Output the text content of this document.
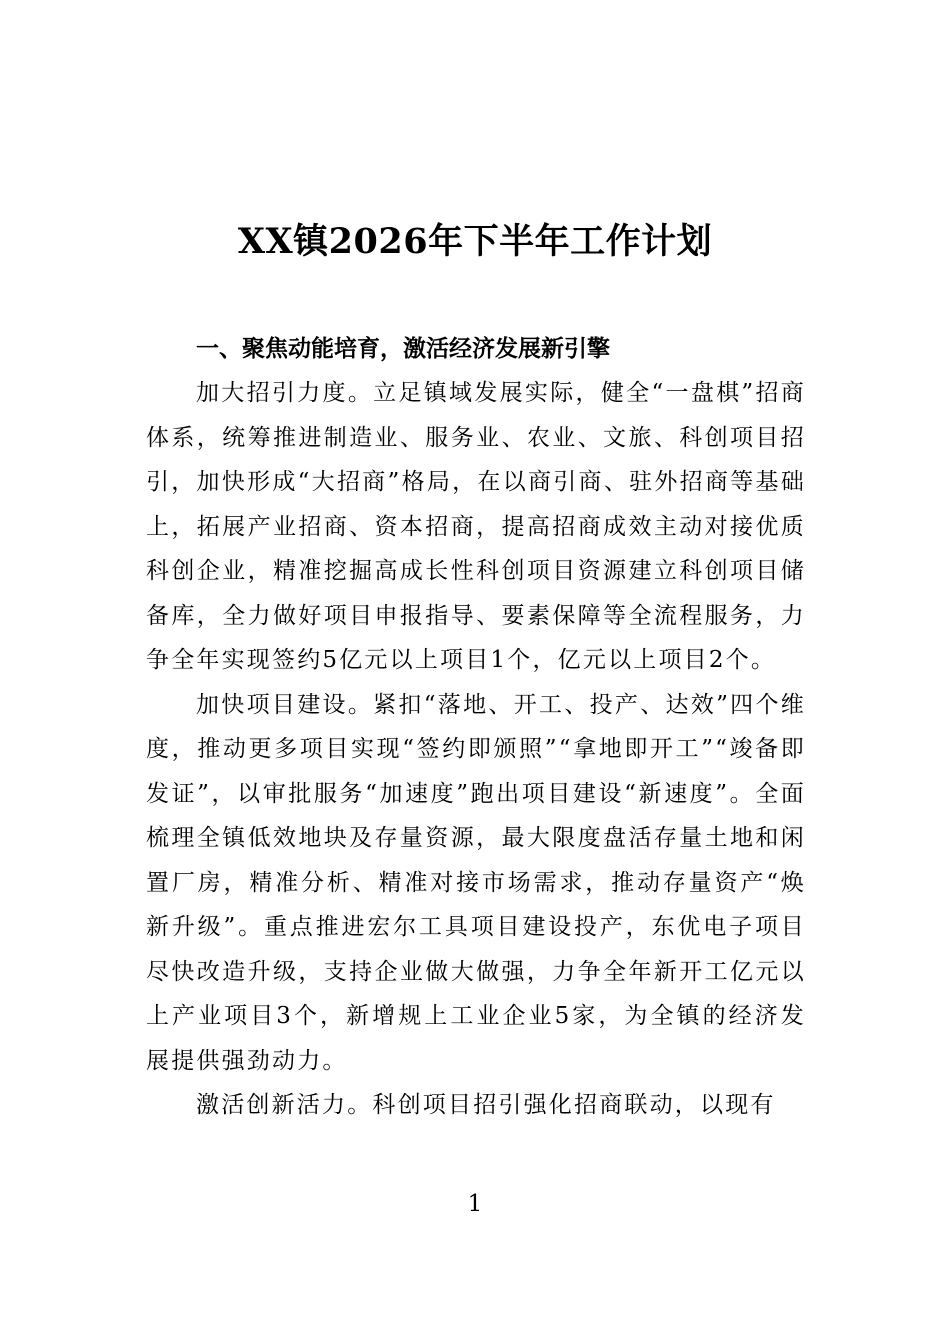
XX镇2026年下半年工作计划
一、聚焦动能培育，激活经济发展新引擎

加大招引力度。立足镇域发展实际，健全“一盘棋”招商体系，统筹推进制造业、服务业、农业、文旅、科创项目招引，加快形成“大招商”格局，在以商引商、驻外招商等基础上，拓展产业招商、资本招商，提高招商成效主动对接优质科创企业，精准挖掘高成长性科创项目资源建立科创项目储备库，全力做好项目申报指导、要素保障等全流程服务，力争全年实现签约5亿元以上项目1个，亿元以上项目2个。

加快项目建设。紧扣“落地、开工、投产、达效”四个维度，推动更多项目实现“签约即颁照”“拿地即开工”“竣备即发证”，以审批服务“加速度”跑出项目建设“新速度”。全面梳理全镇低效地块及存量资源，最大限度盘活存量土地和闲置厂房，精准分析、精准对接市场需求，推动存量资产“焕新升级”。重点推进宏尔工具项目建设投产，东优电子项目尽快改造升级，支持企业做大做强，力争全年新开工亿元以上产业项目3个，新增规上工业企业5家，为全镇的经济发展提供强劲动力。

激活创新活力。科创项目招引强化招商联动，以现有

1
